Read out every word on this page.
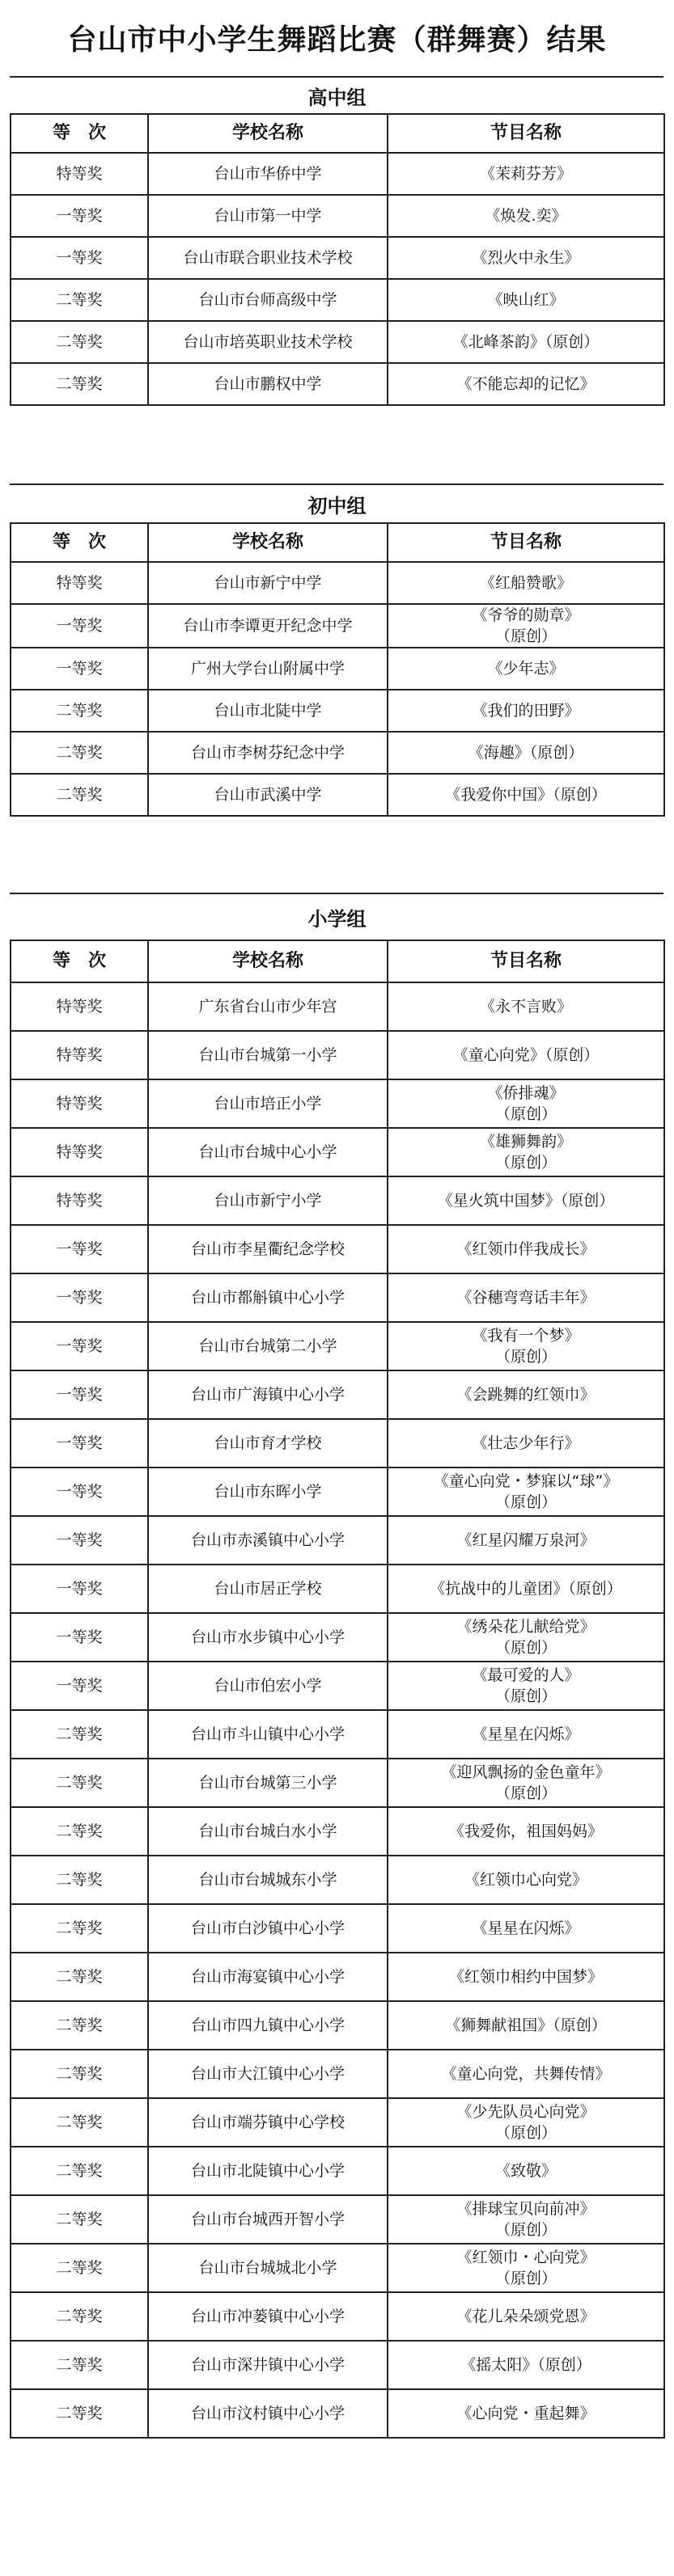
台山市中小学生舞蹈比赛（群舞赛）结果
高中组
等　次	学校名称	节目名称
特等奖	台山市华侨中学	《茉莉芬芳》

一等奖	台山市第一中学	《焕发.奕》

一等奖	台山市联合职业技术学校	《烈火中永生》

二等奖	台山市台师高级中学	《映山红》

二等奖	台山市培英职业技术学校	《北峰茶韵》（原创）

二等奖	台山市鹏权中学	《不能忘却的记忆》
初中组
等　次	学校名称	节目名称
特等奖	台山市新宁中学	《红船赞歌》

一等奖	台山市李谭更开纪念中学	《爷爷的勋章》
（原创）

一等奖	广州大学台山附属中学	《少年志》

二等奖	台山市北陡中学	《我们的田野》

二等奖	台山市李树芬纪念中学	《海趣》（原创）

二等奖	台山市武溪中学	《我爱你中国》（原创）
小学组
等　次	学校名称	节目名称
特等奖	广东省台山市少年宫	《永不言败》

特等奖	台山市台城第一小学	《童心向党》（原创）

特等奖	台山市培正小学	《侨排魂》
（原创）

特等奖	台山市台城中心小学	《雄狮舞韵》
（原创）

特等奖	台山市新宁小学	《星火筑中国梦》（原创）

一等奖	台山市李星衢纪念学校	《红领巾伴我成长》

一等奖	台山市都斛镇中心小学	《谷穗弯弯话丰年》

一等奖	台山市台城第二小学	《我有一个梦》
（原创）

一等奖	台山市广海镇中心小学	《会跳舞的红领巾》

一等奖	台山市育才学校	《壮志少年行》

一等奖	台山市东晖小学	《童心向党・梦寐以“球”》
（原创）

一等奖	台山市赤溪镇中心小学	《红星闪耀万泉河》

一等奖	台山市居正学校	《抗战中的儿童团》（原创）

一等奖	台山市水步镇中心小学	《绣朵花儿献给党》
（原创）

一等奖	台山市伯宏小学	《最可爱的人》
（原创）

二等奖	台山市斗山镇中心小学	《星星在闪烁》

二等奖	台山市台城第三小学	《迎风飘扬的金色童年》
（原创）

二等奖	台山市台城白水小学	《我爱你，祖国妈妈》

二等奖	台山市台城城东小学	《红领巾心向党》

二等奖	台山市白沙镇中心小学	《星星在闪烁》

二等奖	台山市海宴镇中心小学	《红领巾相约中国梦》

二等奖	台山市四九镇中心小学	《狮舞献祖国》（原创）

二等奖	台山市大江镇中心小学	《童心向党，共舞传情》

二等奖	台山市端芬镇中心学校	《少先队员心向党》
（原创）

二等奖	台山市北陡镇中心小学	《致敬》

二等奖	台山市台城西开智小学	《排球宝贝向前冲》
（原创）

二等奖	台山市台城城北小学	《红领巾・心向党》
（原创）

二等奖	台山市冲蒌镇中心小学	《花儿朵朵颂党恩》

二等奖	台山市深井镇中心小学	《摇太阳》（原创）

二等奖	台山市汶村镇中心小学	《心向党・重起舞》
